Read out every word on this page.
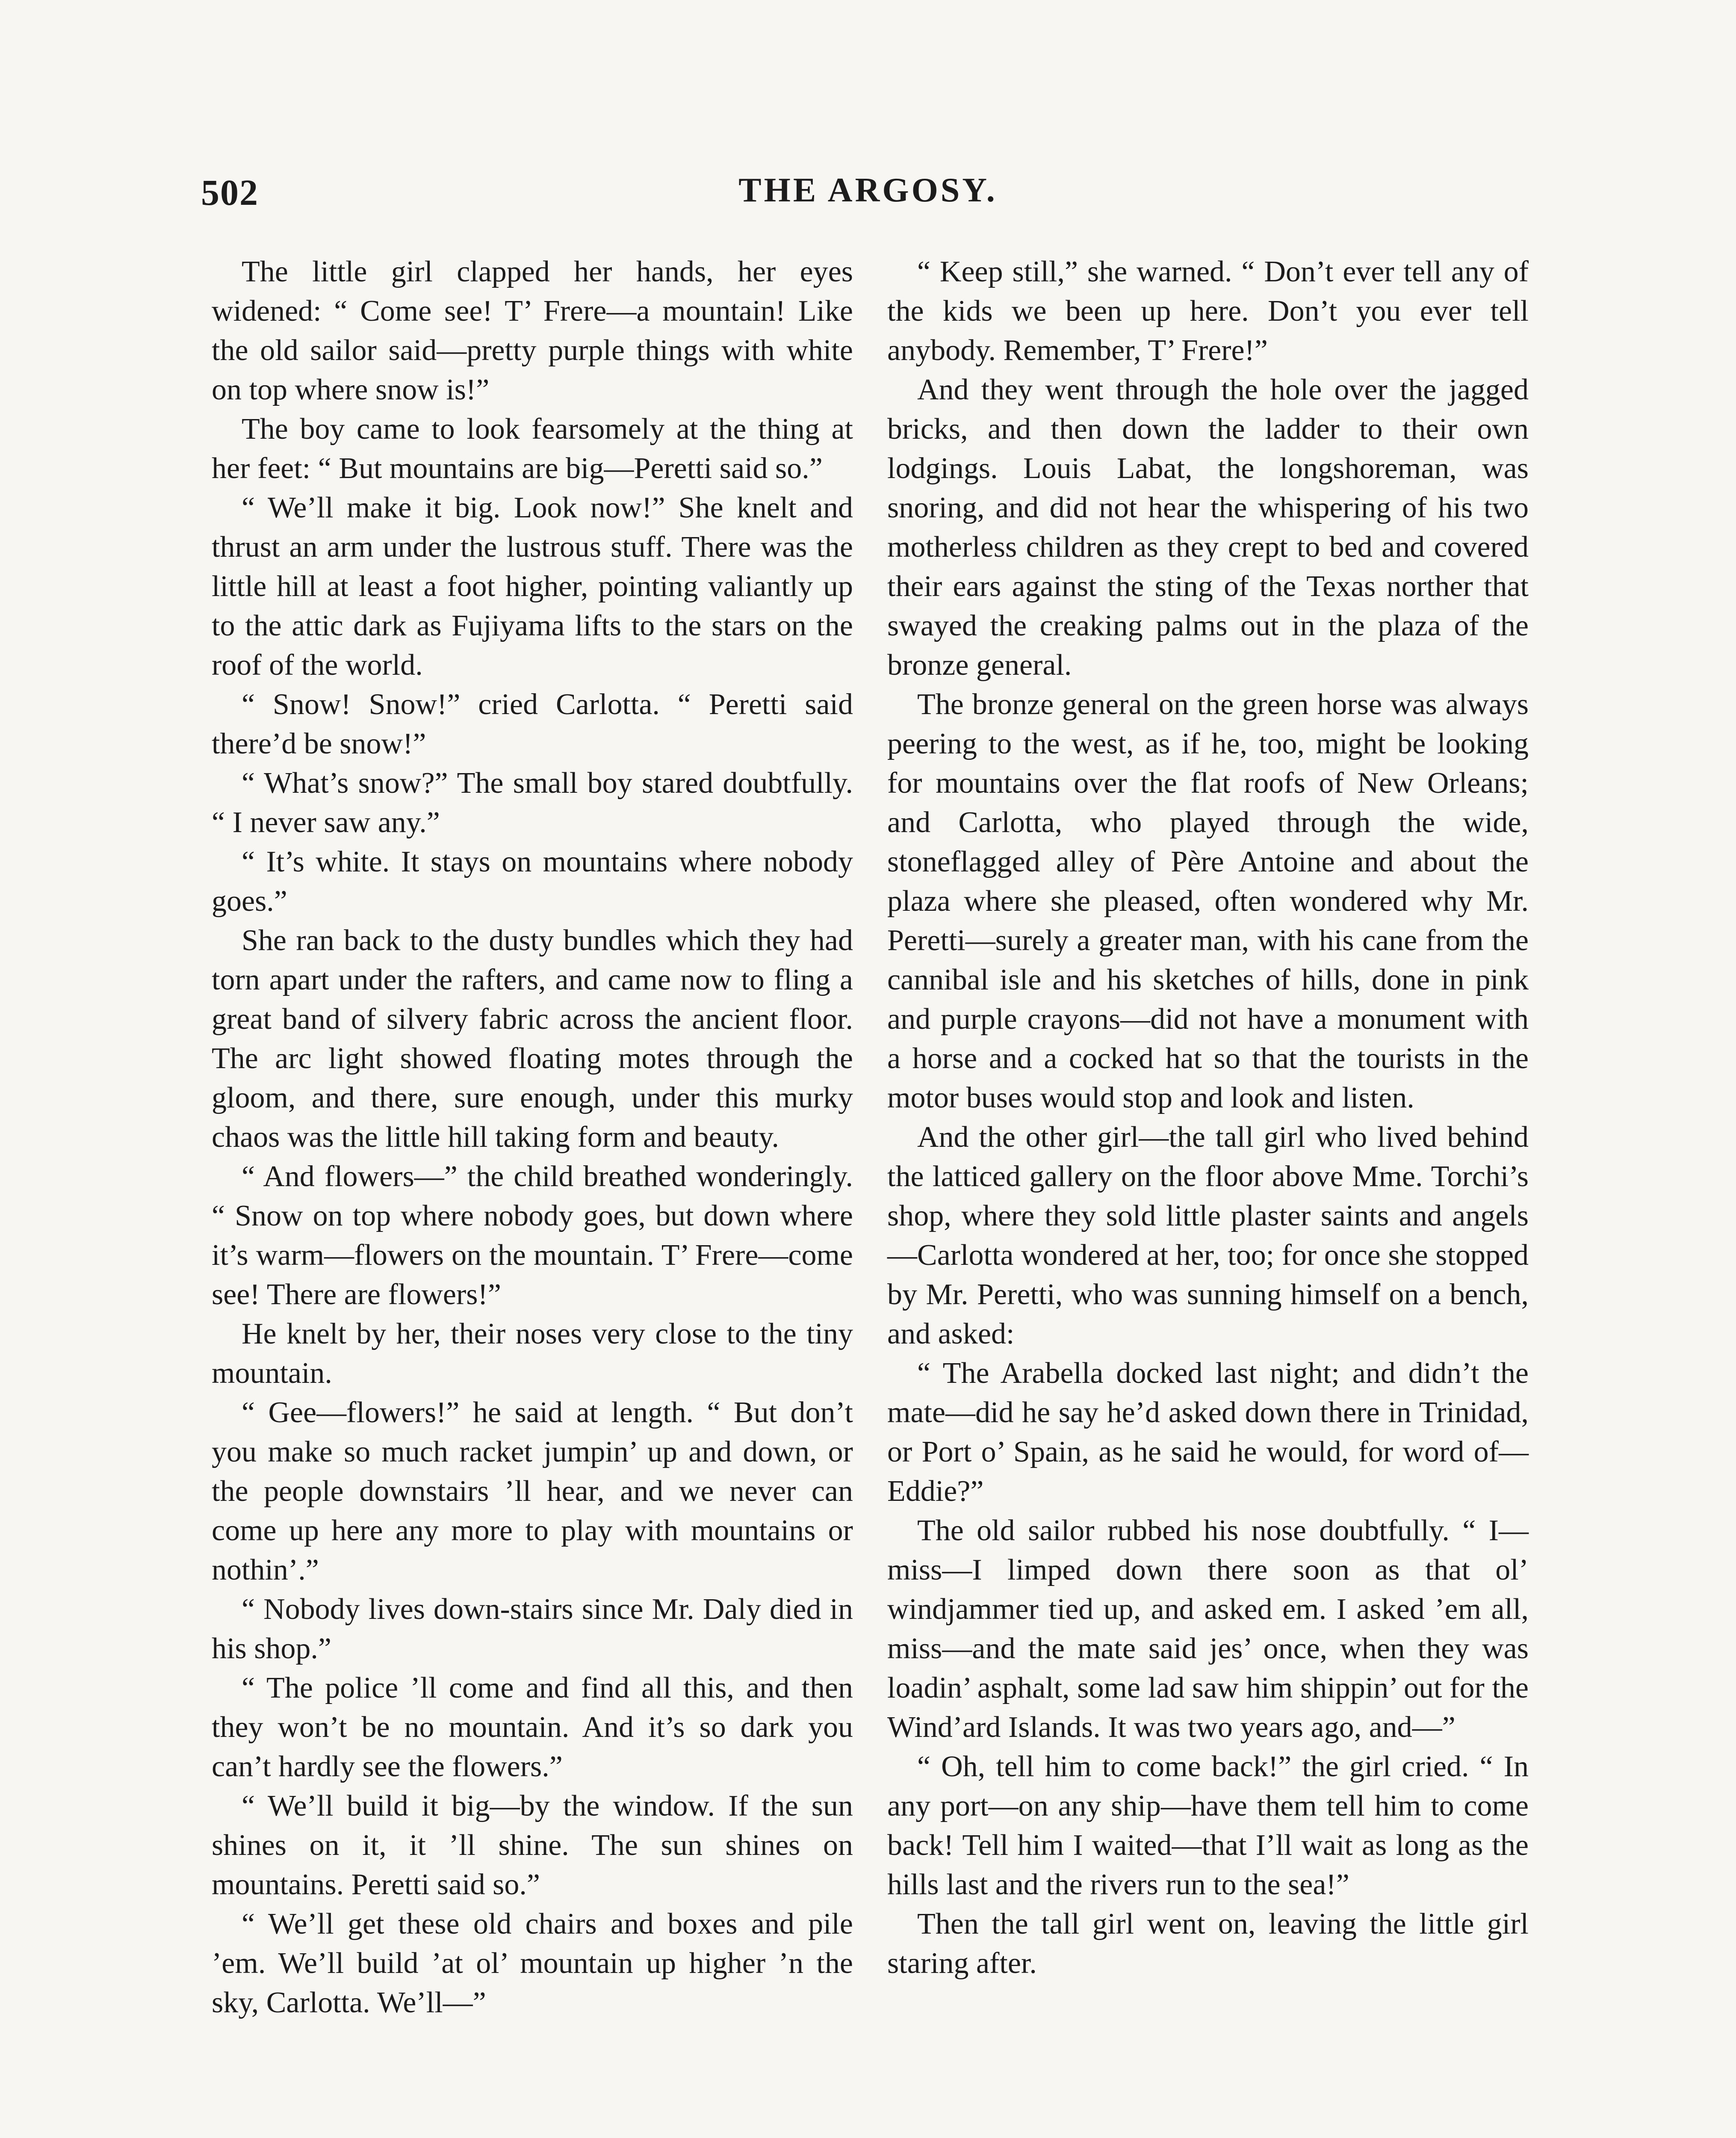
502	THE ARGOSY.

The little girl clapped her hands, her eyes widened: “ Come see! T’ Frere—a mountain! Like the old sailor said—pretty purple things with white on top where snow is!”

The boy came to look fearsomely at the thing at her feet: “ But mountains are big—Peretti said so.”

“ We’ll make it big. Look now!” She knelt and thrust an arm under the lustrous stuff. There was the little hill at least a foot higher, pointing valiantly up to the attic dark as Fujiyama lifts to the stars on the roof of the world.

“ Snow! Snow!” cried Carlotta. “ Peretti said there’d be snow!”

“ What’s snow?” The small boy stared doubtfully. “ I never saw any.”

“ It’s white. It stays on mountains where nobody goes.”

She ran back to the dusty bundles which they had torn apart under the rafters, and came now to fling a great band of silvery fabric across the ancient floor. The arc light showed floating motes through the gloom, and there, sure enough, under this murky chaos was the little hill taking form and beauty.

“ And flowers—” the child breathed wonderingly. “ Snow on top where nobody goes, but down where it’s warm—flowers on the mountain. T’ Frere—come see! There are flowers!”

He knelt by her, their noses very close to the tiny mountain.

“ Gee—flowers!” he said at length. “ But don’t you make so much racket jumpin’ up and down, or the people downstairs ’ll hear, and we never can come up here any more to play with mountains or nothin’.”

“ Nobody lives down-stairs since Mr. Daly died in his shop.”

“ The police ’ll come and find all this, and then they won’t be no mountain. And it’s so dark you can’t hardly see the flowers.”

“ We’ll build it big—by the window. If the sun shines on it, it ’ll shine. The sun shines on mountains. Peretti said so.”

“ We’ll get these old chairs and boxes and pile ’em. We’ll build ’at ol’ mountain up higher ’n the sky, Carlotta. We’ll—”

“ Keep still,” she warned. “ Don’t ever tell any of the kids we been up here. Don’t you ever tell anybody. Remember, T’ Frere!”

And they went through the hole over the jagged bricks, and then down the ladder to their own lodgings. Louis Labat, the longshoreman, was snoring, and did not hear the whispering of his two motherless children as they crept to bed and covered their ears against the sting of the Texas norther that swayed the creaking palms out in the plaza of the bronze general.

The bronze general on the green horse was always peering to the west, as if he, too, might be looking for mountains over the flat roofs of New Orleans; and Carlotta, who played through the wide, stoneflagged alley of Père Antoine and about the plaza where she pleased, often wondered why Mr. Peretti—surely a greater man, with his cane from the cannibal isle and his sketches of hills, done in pink and purple crayons—did not have a monument with a horse and a cocked hat so that the tourists in the motor buses would stop and look and listen.

And the other girl—the tall girl who lived behind the latticed gallery on the floor above Mme. Torchi’s shop, where they sold little plaster saints and angels—Carlotta wondered at her, too; for once she stopped by Mr. Peretti, who was sunning himself on a bench, and asked:

“ The Arabella docked last night; and didn’t the mate—did he say he’d asked down there in Trinidad, or Port o’ Spain, as he said he would, for word of—Eddie?”

The old sailor rubbed his nose doubtfully. “ I—miss—I limped down there soon as that ol’ windjammer tied up, and asked em. I asked ’em all, miss—and the mate said jes’ once, when they was loadin’ asphalt, some lad saw him shippin’ out for the Wind’ard Islands. It was two years ago, and—”

“ Oh, tell him to come back!” the girl cried. “ In any port—on any ship—have them tell him to come back! Tell him I waited—that I’ll wait as long as the hills last and the rivers run to the sea!”

Then the tall girl went on, leaving the little girl staring after.
